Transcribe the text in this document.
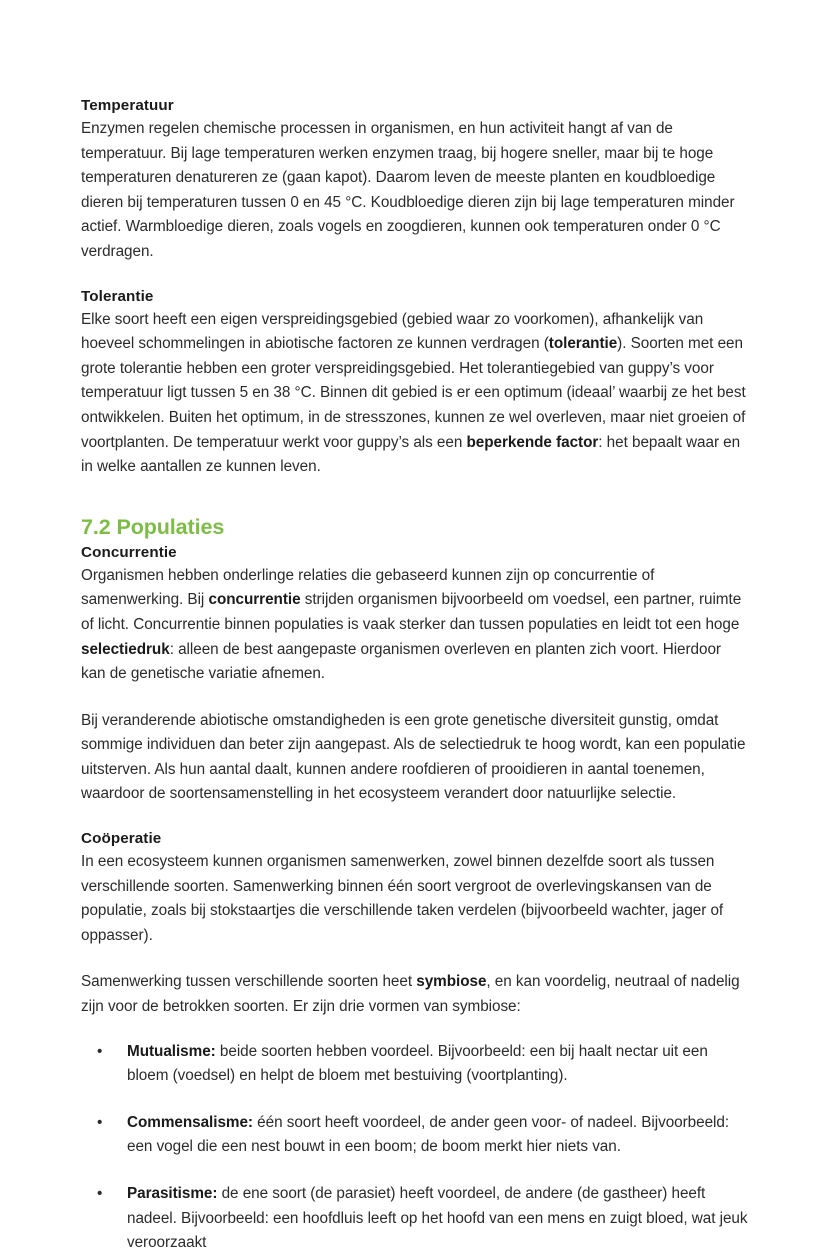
Temperatuur

Enzymen regelen chemische processen in organismen, en hun activiteit hangt af van de temperatuur. Bij lage temperaturen werken enzymen traag, bij hogere sneller, maar bij te hoge temperaturen denatureren ze (gaan kapot). Daarom leven de meeste planten en koudbloedige dieren bij temperaturen tussen 0 en 45 °C. Koudbloedige dieren zijn bij lage temperaturen minder actief. Warmbloedige dieren, zoals vogels en zoogdieren, kunnen ook temperaturen onder 0 °C verdragen.

Tolerantie

Elke soort heeft een eigen verspreidingsgebied (gebied waar zo voorkomen), afhankelijk van hoeveel schommelingen in abiotische factoren ze kunnen verdragen (tolerantie). Soorten met een grote tolerantie hebben een groter verspreidingsgebied. Het tolerantiegebied van guppy’s voor temperatuur ligt tussen 5 en 38 °C. Binnen dit gebied is er een optimum (ideaal’ waarbij ze het best ontwikkelen. Buiten het optimum, in de stresszones, kunnen ze wel overleven, maar niet groeien of voortplanten. De temperatuur werkt voor guppy’s als een beperkende factor: het bepaalt waar en in welke aantallen ze kunnen leven.

7.2 Populaties
Concurrentie

Organismen hebben onderlinge relaties die gebaseerd kunnen zijn op concurrentie of samenwerking. Bij concurrentie strijden organismen bijvoorbeeld om voedsel, een partner, ruimte of licht. Concurrentie binnen populaties is vaak sterker dan tussen populaties en leidt tot een hoge selectiedruk: alleen de best aangepaste organismen overleven en planten zich voort. Hierdoor kan de genetische variatie afnemen.

Bij veranderende abiotische omstandigheden is een grote genetische diversiteit gunstig, omdat sommige individuen dan beter zijn aangepast. Als de selectiedruk te hoog wordt, kan een populatie uitsterven. Als hun aantal daalt, kunnen andere roofdieren of prooidieren in aantal toenemen, waardoor de soortensamenstelling in het ecosysteem verandert door natuurlijke selectie.

Coöperatie

In een ecosysteem kunnen organismen samenwerken, zowel binnen dezelfde soort als tussen verschillende soorten. Samenwerking binnen één soort vergroot de overlevingskansen van de populatie, zoals bij stokstaartjes die verschillende taken verdelen (bijvoorbeeld wachter, jager of oppasser).

Samenwerking tussen verschillende soorten heet symbiose, en kan voordelig, neutraal of nadelig zijn voor de betrokken soorten. Er zijn drie vormen van symbiose:

• Mutualisme: beide soorten hebben voordeel. Bijvoorbeeld: een bij haalt nectar uit een bloem (voedsel) en helpt de bloem met bestuiving (voortplanting).
• Commensalisme: één soort heeft voordeel, de ander geen voor- of nadeel. Bijvoorbeeld: een vogel die een nest bouwt in een boom; de boom merkt hier niets van.
• Parasitisme: de ene soort (de parasiet) heeft voordeel, de andere (de gastheer) heeft nadeel. Bijvoorbeeld: een hoofdluis leeft op het hoofd van een mens en zuigt bloed, wat jeuk veroorzaakt
